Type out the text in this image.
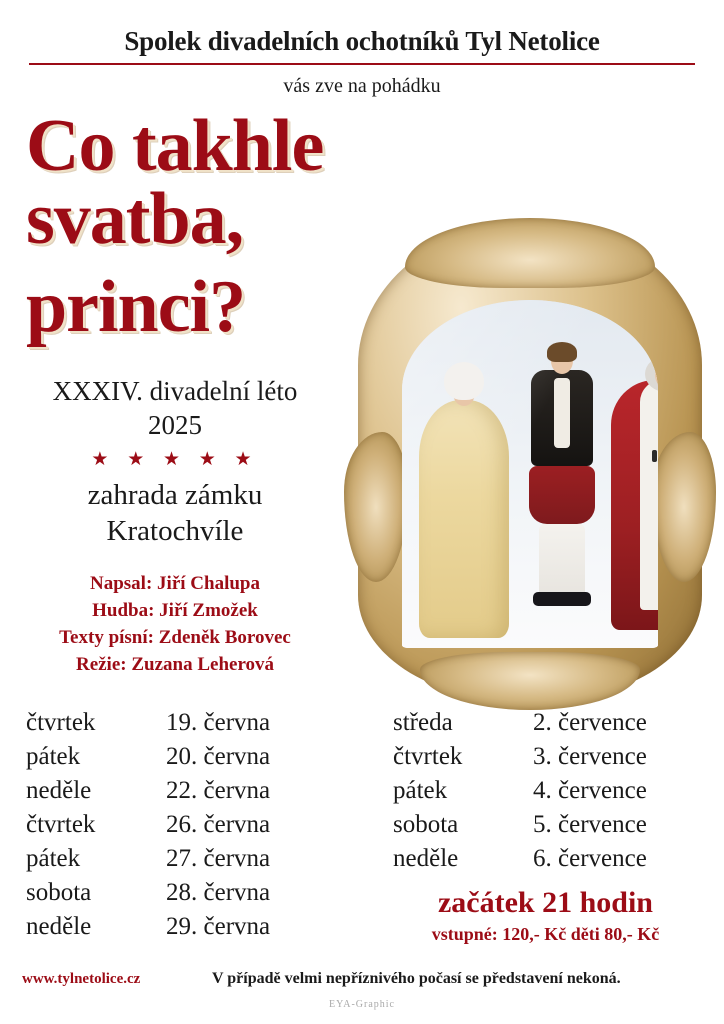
Spolek divadelních ochotníků Tyl Netolice
vás zve na pohádku
Co takhle svatba,
princi?
XXXIV. divadelní léto
2025
★ ★ ★ ★ ★
zahrada zámku
Kratochvíle
Napsal: Jiří Chalupa
Hudba: Jiří Zmožek
Texty písní: Zdeněk Borovec
Režie: Zuzana Leherová
čtvrtek	19. června
pátek	20. června
neděle	22. června
čtvrtek	26. června
pátek	27. června
sobota	28. června
neděle	29. června
středa	2. července
čtvrtek	3. července
pátek	4. července
sobota	5. července
neděle	6. července
začátek 21 hodin
vstupné: 120,- Kč děti 80,- Kč
www.tylnetolice.cz	V případě velmi nepříznivého počasí se představení nekoná.
EYA-Graphic
